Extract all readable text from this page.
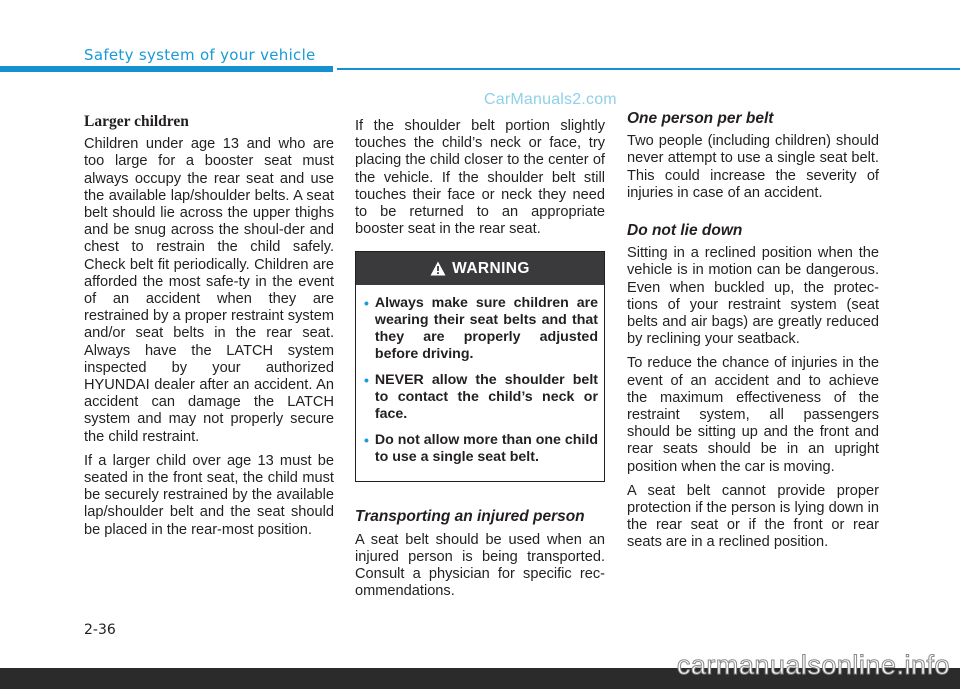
Safety system of your vehicle
CarManuals2.com
Larger children

Children under age 13 and who are too large for a booster seat must always occupy the rear seat and use the available lap/shoulder belts. A seat belt should lie across the upper thighs and be snug across the shoul-der and chest to restrain the child safely. Check belt fit periodically. Children are afforded the most safe-ty in the event of an accident when they are restrained by a proper restraint system and/or seat belts in the rear seat. Always have the LATCH system inspected by your authorized HYUNDAI dealer after an accident. An accident can damage the LATCH system and may not properly secure the child restraint.

If a larger child over age 13 must be seated in the front seat, the child must be securely restrained by the available lap/shoulder belt and the seat should be placed in the rear-most position.

If the shoulder belt portion slightly touches the child’s neck or face, try placing the child closer to the center of the vehicle. If the shoulder belt still touches their face or neck they need to be returned to an appropriate booster seat in the rear seat.

WARNING
• Always make sure children are wearing their seat belts and that they are properly adjusted before driving.
• NEVER allow the shoulder belt to contact the child’s neck or face.
• Do not allow more than one child to use a single seat belt.
Transporting an injured person

A seat belt should be used when an injured person is being transported. Consult a physician for specific rec-ommendations.

One person per belt

Two people (including children) should never attempt to use a single seat belt. This could increase the severity of injuries in case of an accident.

Do not lie down

Sitting in a reclined position when the vehicle is in motion can be dangerous. Even when buckled up, the protec-tions of your restraint system (seat belts and air bags) are greatly reduced by reclining your seatback.

To reduce the chance of injuries in the event of an accident and to achieve the maximum effectiveness of the restraint system, all passengers should be sitting up and the front and rear seats should be in an upright position when the car is moving.

A seat belt cannot provide proper protection if the person is lying down in the rear seat or if the front or rear seats are in a reclined position.

2-36
carmanualsonline.info
